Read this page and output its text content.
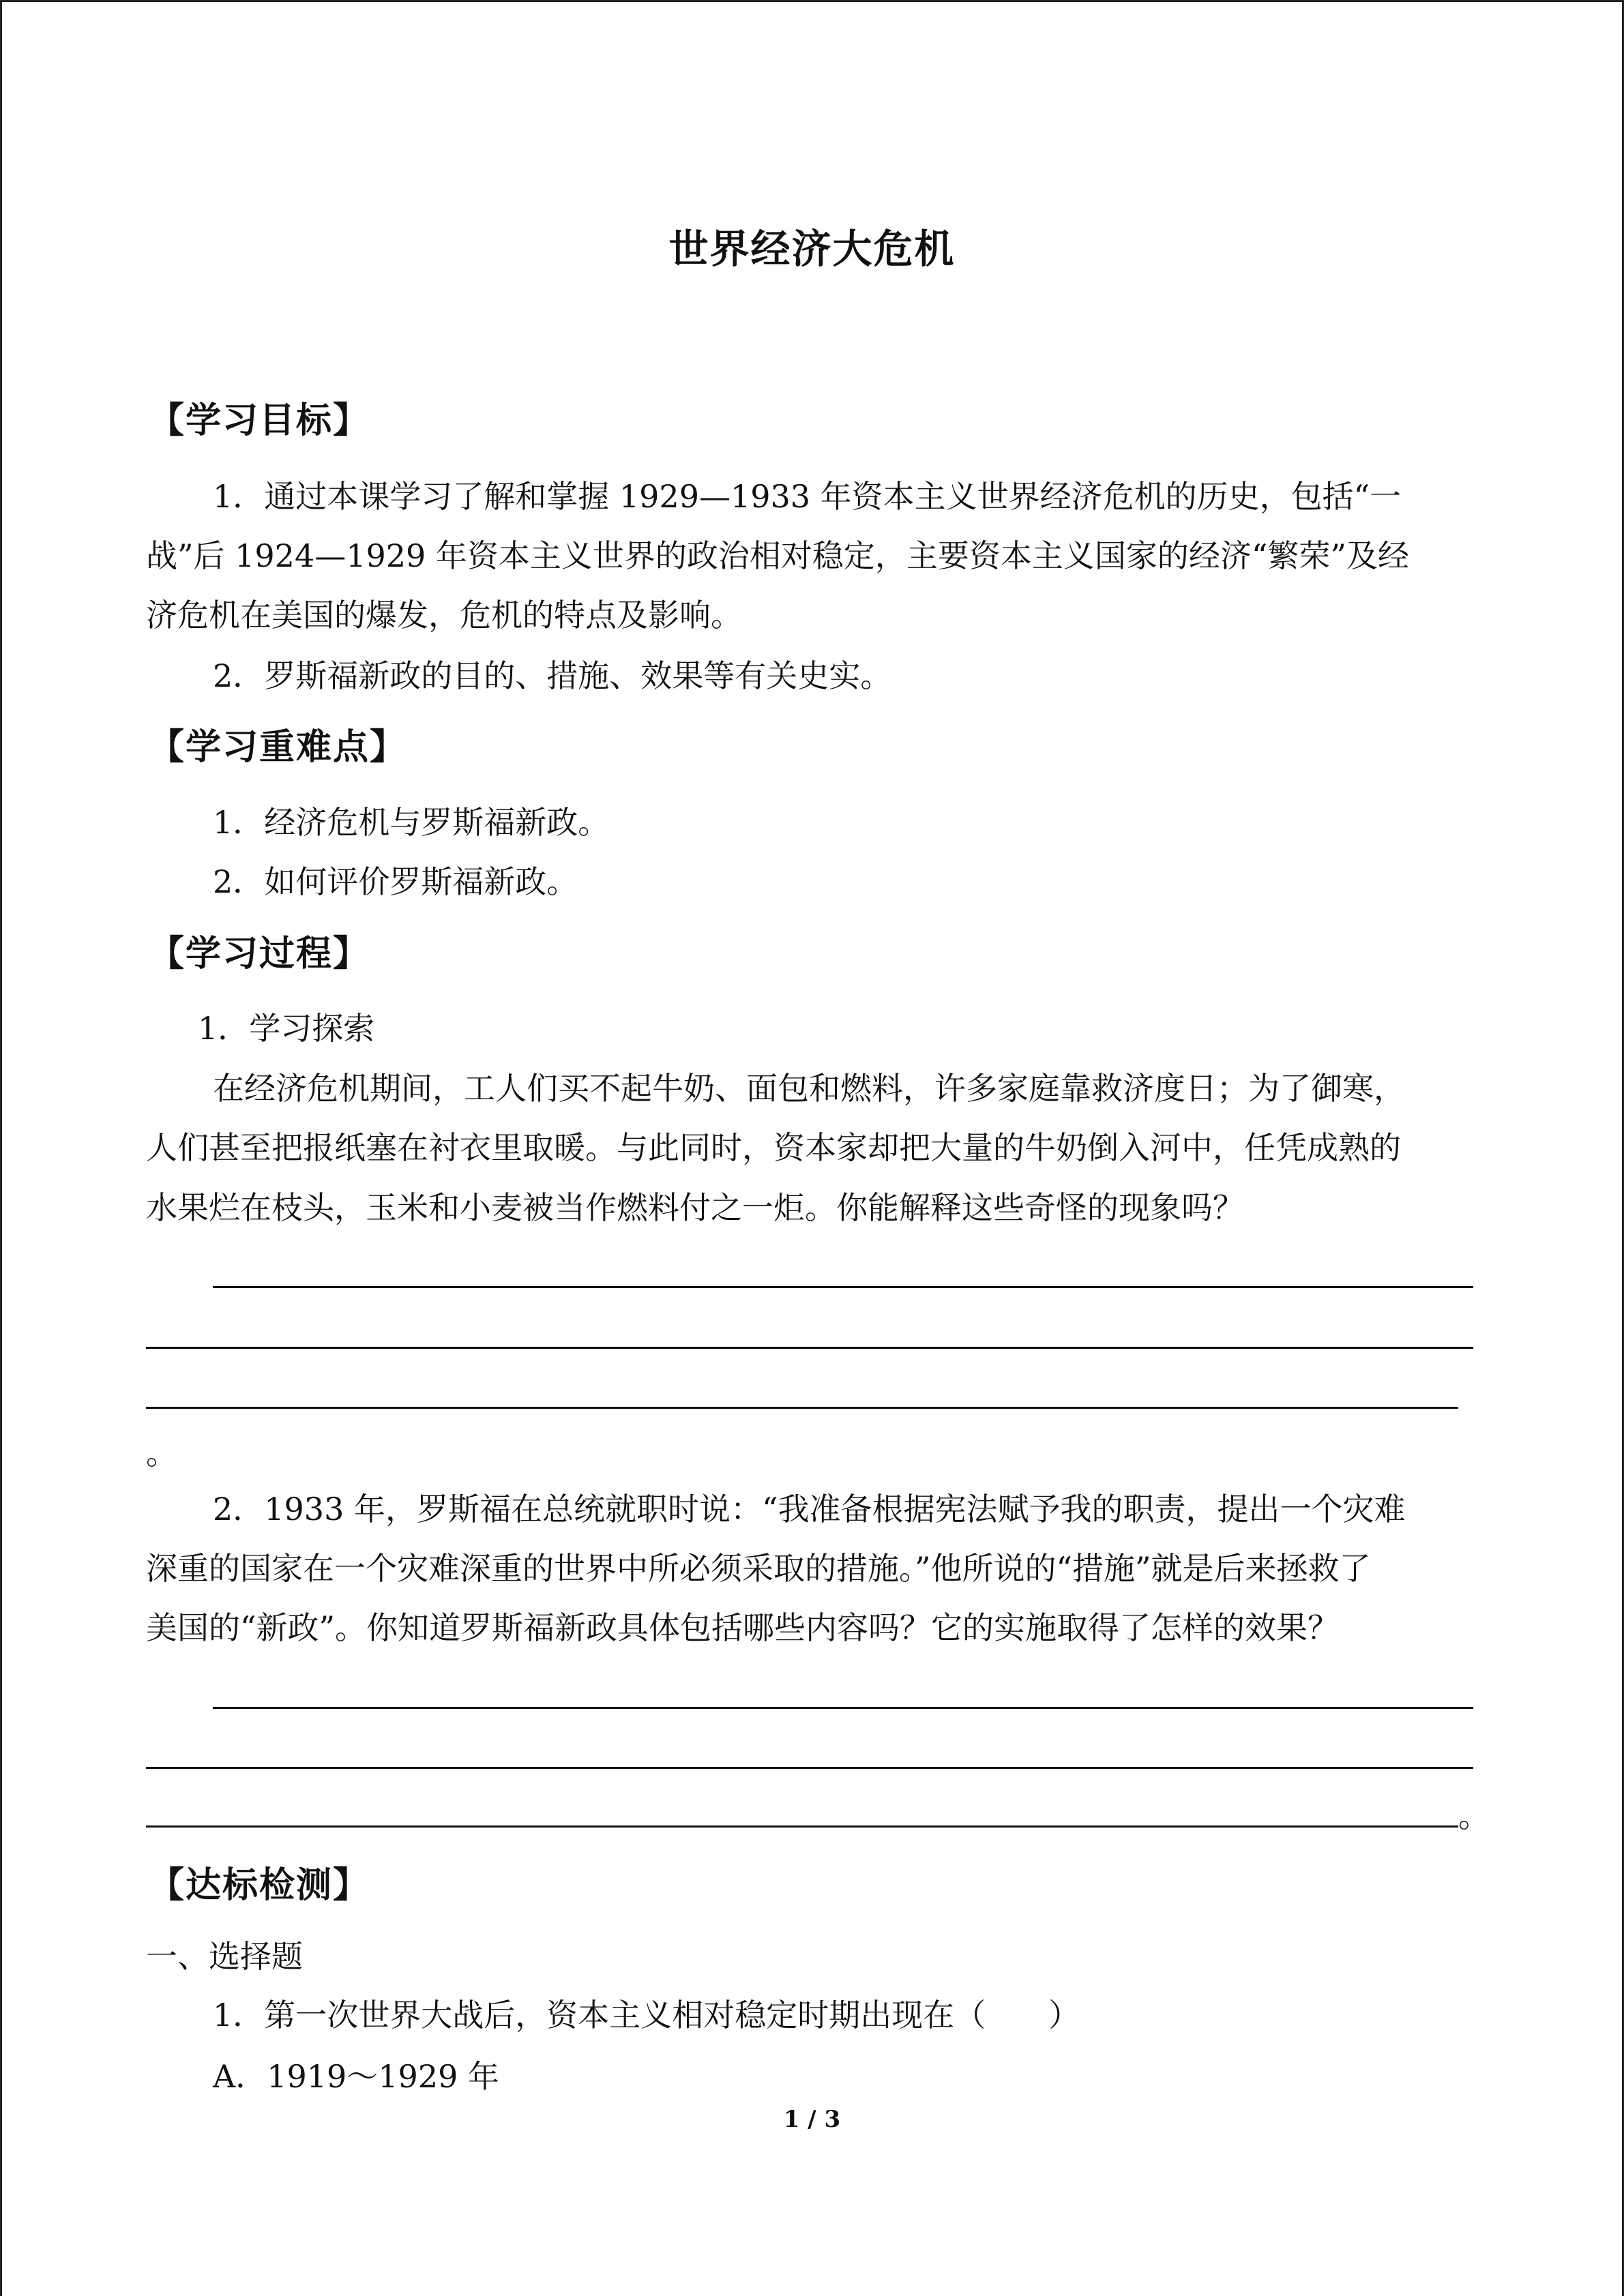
世界经济大危机
【学习目标】
1．通过本课学习了解和掌握 1929—1933 年资本主义世界经济危机的历史，包括“一
战”后 1924—1929 年资本主义世界的政治相对稳定，主要资本主义国家的经济“繁荣”及经
济危机在美国的爆发，危机的特点及影响。
2．罗斯福新政的目的、措施、效果等有关史实。
【学习重难点】
1．经济危机与罗斯福新政。
2．如何评价罗斯福新政。
【学习过程】
1．学习探索
在经济危机期间，工人们买不起牛奶、面包和燃料，许多家庭靠救济度日；为了御寒，
人们甚至把报纸塞在衬衣里取暖。与此同时，资本家却把大量的牛奶倒入河中，任凭成熟的
水果烂在枝头，玉米和小麦被当作燃料付之一炬。你能解释这些奇怪的现象吗？
。
2．1933 年，罗斯福在总统就职时说：“我准备根据宪法赋予我的职责，提出一个灾难
深重的国家在一个灾难深重的世界中所必须采取的措施。”他所说的“措施”就是后来拯救了
美国的“新政”。你知道罗斯福新政具体包括哪些内容吗？它的实施取得了怎样的效果？
。
【达标检测】
一、选择题
1．第一次世界大战后，资本主义相对稳定时期出现在（　　）
A．1919～1929 年
1 / 3
